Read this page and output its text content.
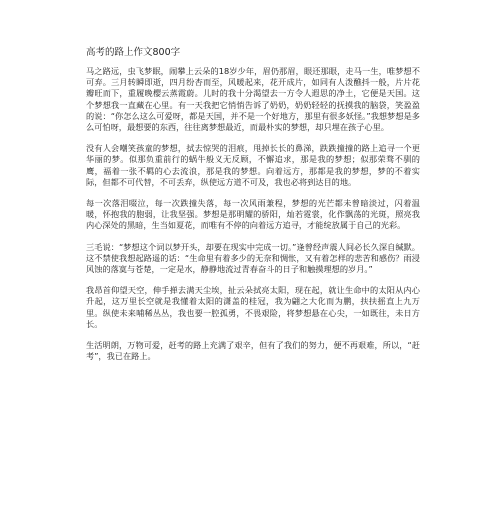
高考的路上作文800字

马之路远，虫飞梦眠，闹攀上云朵的18岁少年，眉仍那眉，眼还那眼，走马一生，唯梦想不可弃。三月转瞬即逝，四月纷杏而至，风暖起来，花开成片，如同有人泼醮抖一般，片片花瓣旺而下，重履晚樱云蒸霞蔚。儿时的我十分渴望去一方令人遐思的净土，它便是天国。这个梦想我一直藏在心里。有一天我把它悄悄告诉了奶奶，奶奶轻轻的抚摸我的脑袋，笑盈盈的说：“你怎么这么可爱呀，都是天国，并不是一个好地方，那里有很多妖怪。”我想梦想是多么可怕呀，最想要的东西，往往离梦想最近，而最朴实的梦想，却只埋在孩子心里。

没有人会嘲笑孩童的梦想，拭去惊哭的泪痕，甩掉长长的鼻涕，跌跌撞撞的路上追寻一个更华丽的梦。似那负重前行的蜗牛般义无反顾，不懈追求，那是我的梦想；似那荣骛不驯的鹰，福着一张不羁的心去流浪，那是我的梦想。向着远方，那都是我的梦想，梦的不着实际，但都不可代替，不可丢弃，纵使远方道不可及，我也必将到达目的地。

每一次落泪啜泣，每一次跌撞失落，每一次风雨兼程，梦想的光芒都未曾暗淡过，闪着温暖，怀抱我的胞弱，让我坚强。梦想是那明耀的骄阳，灿若霓裳，化作飘荡的光斑，照亮我内心深处的黑暗，生当如夏花，而唯有不停的向着远方追寻，才能绽放属于自己的光彩。

三毛说：“梦想这个词以梦开头，却要在现实中完成一切。”逢曾经声震人间必长久深自缄默。这不禁使我想起路遥的话：“生命里有着多少的无奈和惆怅，又有着怎样的悲苦和感伤？雨浸风蚀的落寞与苍楚，一定是水，静静地流过青春奋斗的日子和触摸理想的岁月。”

我昂首仰望天空，伸手掸去满天尘埃，扯云朵拭亮太阳，现在起，就让生命中的太阳从内心升起，这万里长空就是我懂着太阳的潇盖的桂冠，我为翩之大化而为鹏，扶扶摇直上九万里。纵使未来哺稀丛丛，我也要一腔孤勇，不畏艰险，将梦想悬在心尖，一如既往，未日方长。

生活明朗，万物可爱，赶考的路上充满了艰辛，但有了我们的努力，便不再艰难，所以，“赶考”，我已在路上。
